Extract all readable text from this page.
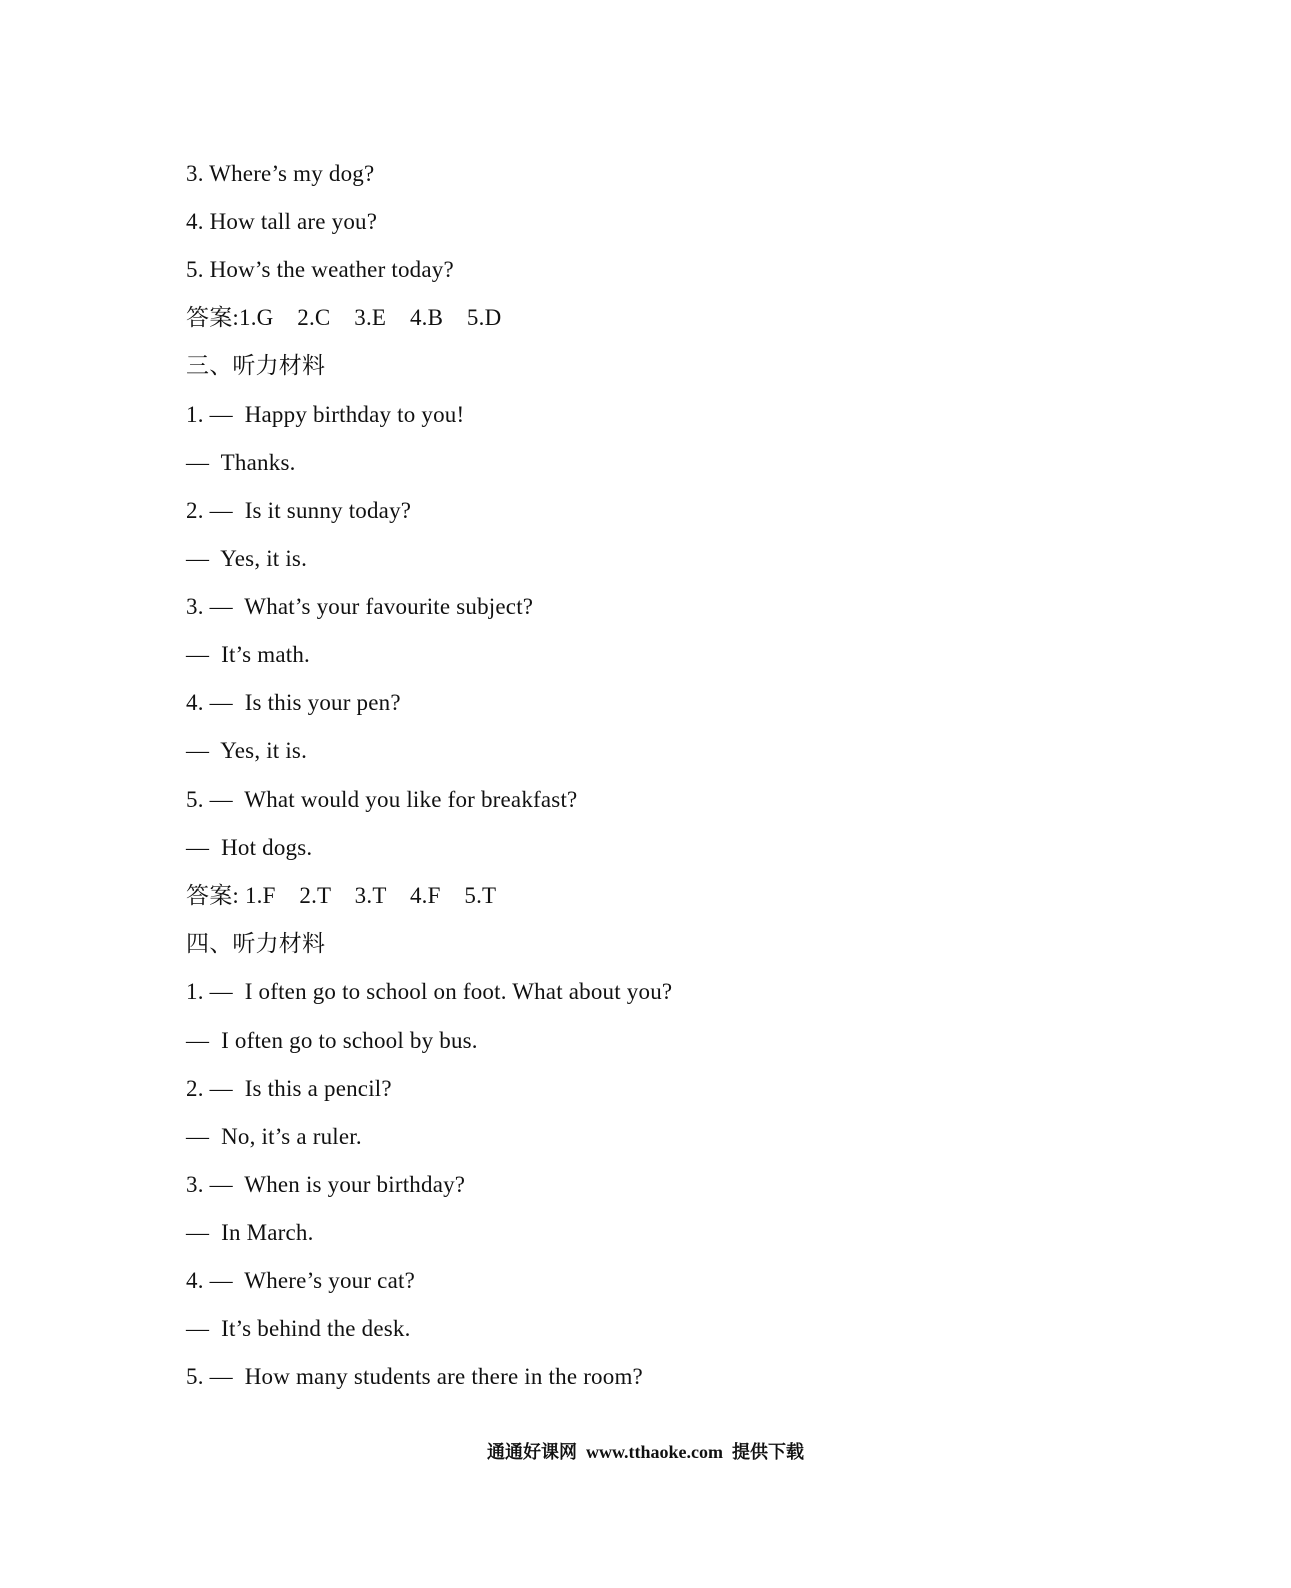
3. Where’s my dog?
4. How tall are you?
5. How’s the weather today?
答案:1.G    2.C    3.E    4.B    5.D
三、听力材料
1. —  Happy birthday to you!
—  Thanks.
2. —  Is it sunny today?
—  Yes, it is.
3. —  What’s your favourite subject?
—  It’s math.
4. —  Is this your pen?
—  Yes, it is.
5. —  What would you like for breakfast?
—  Hot dogs.
答案: 1.F    2.T    3.T    4.F    5.T
四、听力材料
1. —  I often go to school on foot. What about you?
—  I often go to school by bus.
2. —  Is this a pencil?
—  No, it’s a ruler.
3. —  When is your birthday?
—  In March.
4. —  Where’s your cat?
—  It’s behind the desk.
5. —  How many students are there in the room?
通通好课网  www.tthaoke.com  提供下载
